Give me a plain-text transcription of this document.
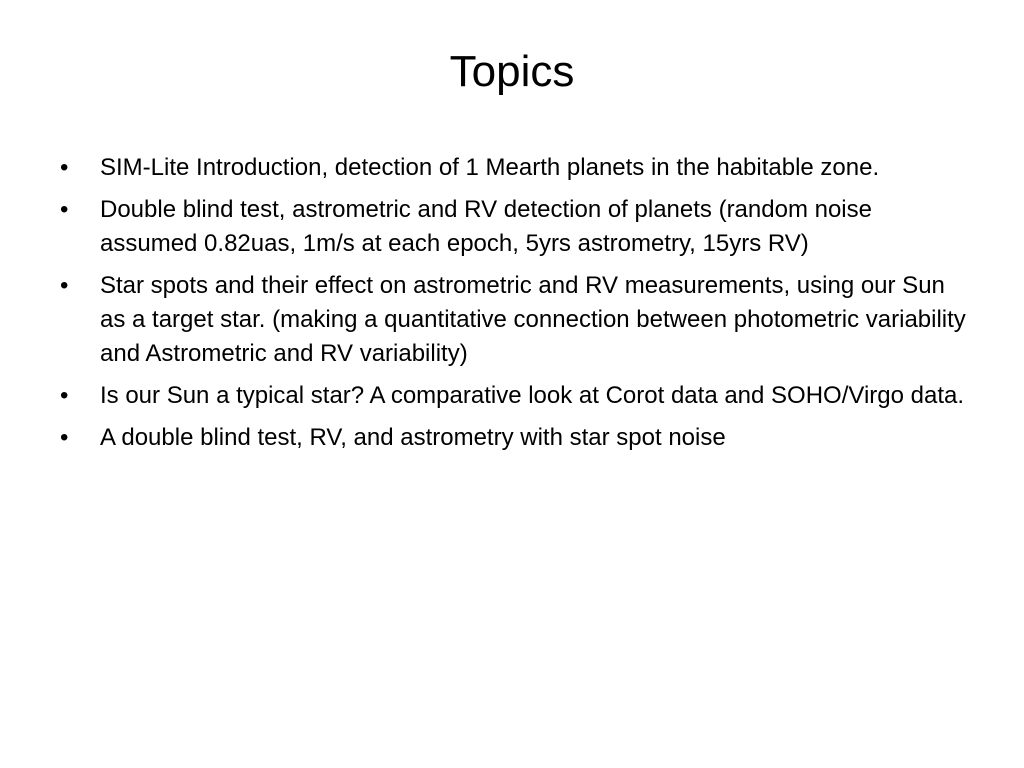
Topics
•	SIM-Lite Introduction, detection of 1 Mearth planets in the habitable zone.
•	Double blind test, astrometric and RV detection of planets (random noise assumed 0.82uas, 1m/s at each epoch, 5yrs astrometry, 15yrs RV)
•	Star spots and their effect on astrometric and RV measurements, using our Sun as a target star. (making a quantitative connection between photometric variability and Astrometric and RV variability)
•	Is our Sun a typical star? A comparative look at Corot data and SOHO/Virgo data.
•	A double blind test, RV, and astrometry with star spot noise
